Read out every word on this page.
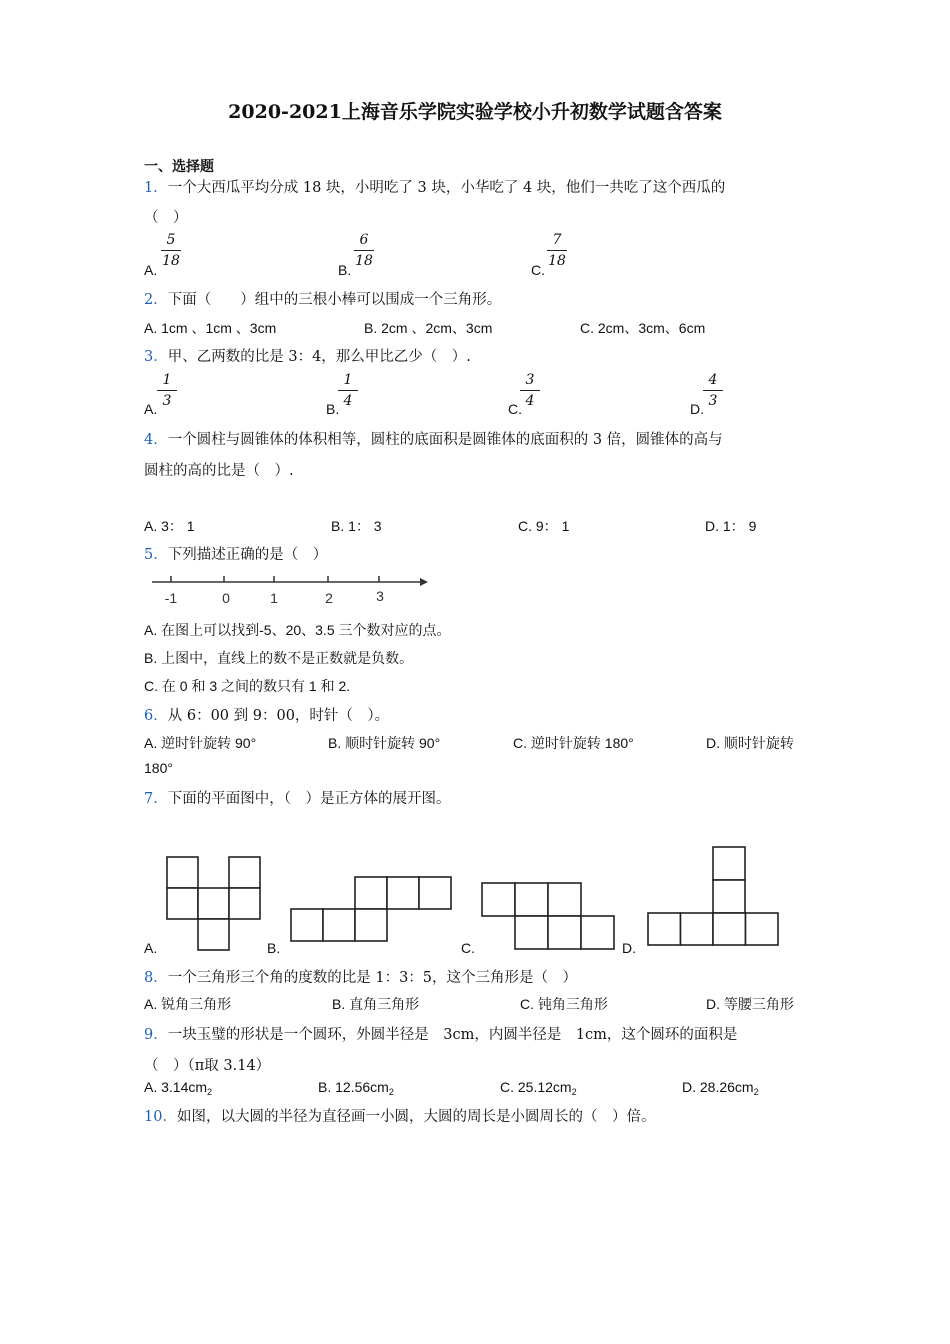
2020-2021上海音乐学院实验学校小升初数学试题含答案
一、选择题
1．一个大西瓜平均分成 18 块，小明吃了 3 块，小华吃了 4 块，他们一共吃了这个西瓜的
（　）
A.
5
18
B.
6
18
C.
7
18
2．下面（　　）组中的三根小棒可以围成一个三角形。
A. 1cm 、1cm 、3cm	B. 2cm 、2cm、3cm	C. 2cm、3cm、6cm
3．甲、乙两数的比是 3：4，那么甲比乙少（　）.
A.
1
3	B.
1
4	C.
3
4	D.
4
3
4．一个圆柱与圆锥体的体积相等，圆柱的底面积是圆锥体的底面积的 3 倍，圆锥体的高与
圆柱的高的比是（　）.
A. 3： 1	B. 1： 3	C. 9： 1	D. 1： 9
5．下列描述正确的是（　）
-1	0	1	2	3
A. 在图上可以找到-5、20、3.5 三个数对应的点。
B. 上图中，直线上的数不是正数就是负数。
C. 在 0 和 3 之间的数只有 1 和 2.
6．从 6：00 到 9：00，时针（　）。
A. 逆时针旋转 90°	B. 顺时针旋转 90°	C. 逆时针旋转 180°	D. 顺时针旋转
180°
7．下面的平面图中，（　）是正方体的展开图。
A.	B.	C.	D.
8．一个三角形三个角的度数的比是 1：3：5，这个三角形是（　）
A. 锐角三角形	B. 直角三角形	C. 钝角三角形	D. 等腰三角形
9．一块玉璧的形状是一个圆环，外圆半径是　3cm，内圆半径是　1cm，这个圆环的面积是
（　）（π取 3.14）
A. $3.14cm_2$	B. $12.56cm_2$	C. $25.12cm_2$	D. $28.26cm_2$
10．如图，以大圆的半径为直径画一小圆，大圆的周长是小圆周长的（　）倍。
